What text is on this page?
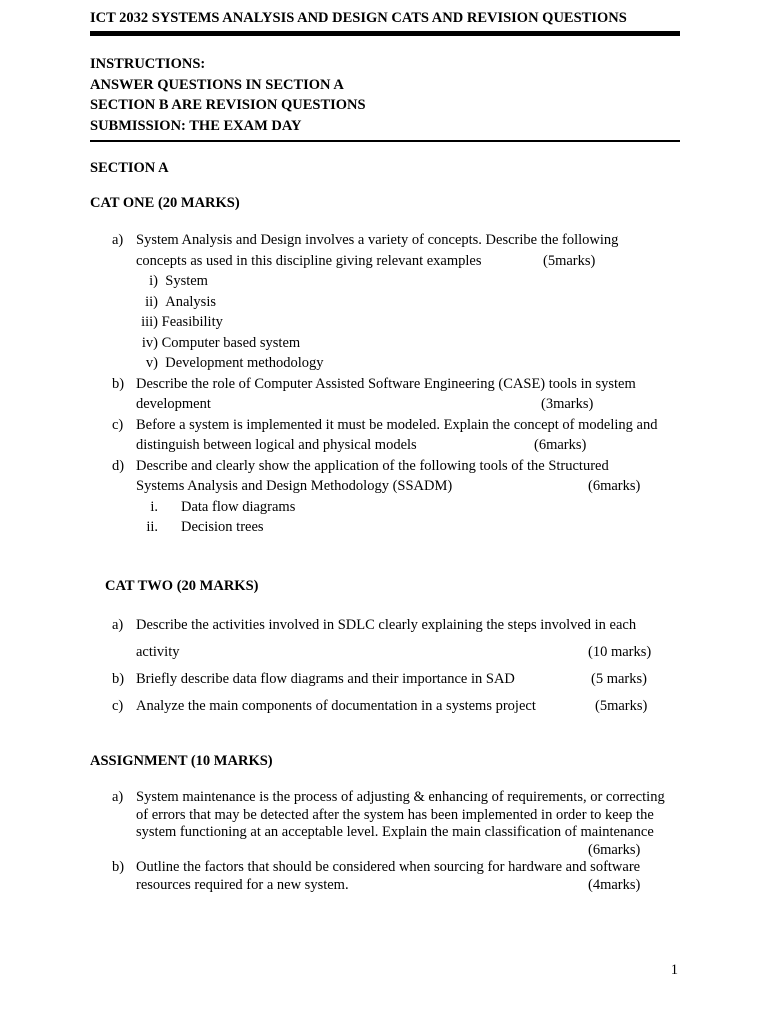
ICT 2032 SYSTEMS ANALYSIS AND DESIGN CATS AND REVISION QUESTIONS
INSTRUCTIONS:
ANSWER QUESTIONS IN SECTION A
SECTION B ARE REVISION QUESTIONS
SUBMISSION: THE EXAM DAY
SECTION A
CAT ONE (20 MARKS)
a) System Analysis and Design involves a variety of concepts. Describe the following
concepts as used in this discipline giving relevant examples	(5marks)
i) System
ii) Analysis
iii) Feasibility
iv) Computer based system
v) Development methodology
b) Describe the role of Computer Assisted Software Engineering (CASE) tools in system
development	(3marks)
c) Before a system is implemented it must be modeled. Explain the concept of modeling and
distinguish between logical and physical models	(6marks)
d) Describe and clearly show the application of the following tools of the Structured
Systems Analysis and Design Methodology (SSADM)	(6marks)
i. Data flow diagrams
ii. Decision trees
CAT TWO (20 MARKS)
a) Describe the activities involved in SDLC clearly explaining the steps involved in each
activity	(10 marks)
b) Briefly describe data flow diagrams and their importance in SAD	(5 marks)
c) Analyze the main components of documentation in a systems project	(5marks)
ASSIGNMENT (10 MARKS)
a) System maintenance is the process of adjusting & enhancing of requirements, or correcting
of errors that may be detected after the system has been implemented in order to keep the
system functioning at an acceptable level. Explain the main classification of maintenance
(6marks)
b) Outline the factors that should be considered when sourcing for hardware and software
resources required for a new system.	(4marks)
1
